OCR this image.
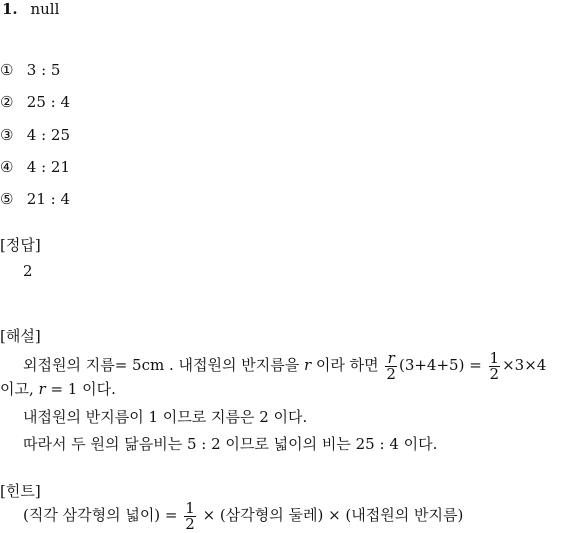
1. null
① 3 : 5
② 25 : 4
③ 4 : 25
④ 4 : 21
⑤ 21 : 4
[정답]
2
[해설]
외접원의 지름= 5cm . 내접원의 반지름을 r 이라 하면 $\frac{r}{2} (3+4+5) = \frac{1}{2} \times 3\times 4$
이고, r = 1 이다.
내접원의 반지름이 1 이므로 지름은 2 이다.
따라서 두 원의 닮음비는 5 : 2 이므로 넓이의 비는 25 : 4 이다.
[힌트]
(직각 삼각형의 넓이) = $\frac{1}{2}$ × (삼각형의 둘레) × (내접원의 반지름)
